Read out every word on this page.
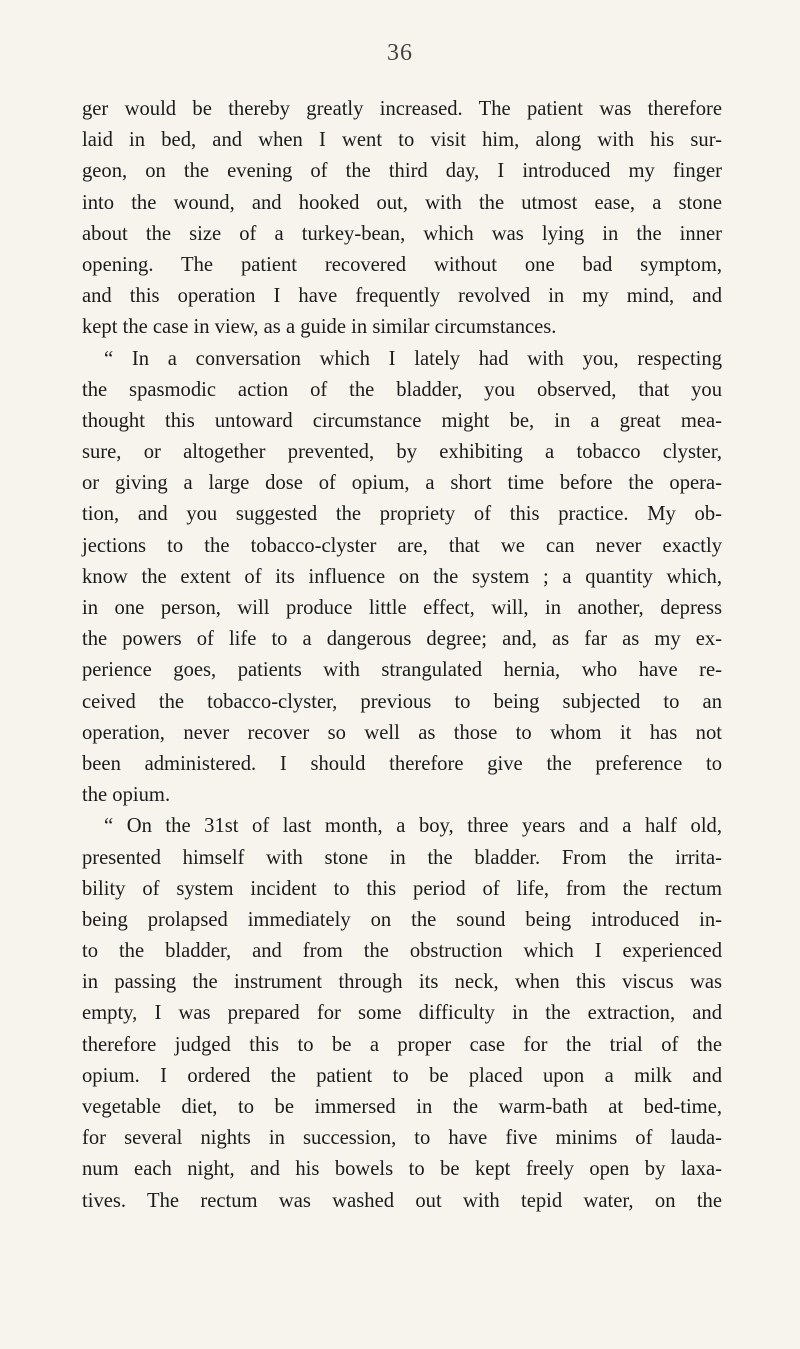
36
ger would be thereby greatly increased. The patient was therefore
laid in bed, and when I went to visit him, along with his sur-
geon, on the evening of the third day, I introduced my finger
into the wound, and hooked out, with the utmost ease, a stone
about the size of a turkey-bean, which was lying in the inner
opening. The patient recovered without one bad symptom,
and this operation I have frequently revolved in my mind, and
kept the case in view, as a guide in similar circumstances.
“ In a conversation which I lately had with you, respecting
the spasmodic action of the bladder, you observed, that you
thought this untoward circumstance might be, in a great mea-
sure, or altogether prevented, by exhibiting a tobacco clyster,
or giving a large dose of opium, a short time before the opera-
tion, and you suggested the propriety of this practice. My ob-
jections to the tobacco-clyster are, that we can never exactly
know the extent of its influence on the system ; a quantity which,
in one person, will produce little effect, will, in another, depress
the powers of life to a dangerous degree; and, as far as my ex-
perience goes, patients with strangulated hernia, who have re-
ceived the tobacco-clyster, previous to being subjected to an
operation, never recover so well as those to whom it has not
been administered. I should therefore give the preference to
the opium.
“ On the 31st of last month, a boy, three years and a half old,
presented himself with stone in the bladder. From the irrita-
bility of system incident to this period of life, from the rectum
being prolapsed immediately on the sound being introduced in-
to the bladder, and from the obstruction which I experienced
in passing the instrument through its neck, when this viscus was
empty, I was prepared for some difficulty in the extraction, and
therefore judged this to be a proper case for the trial of the
opium. I ordered the patient to be placed upon a milk and
vegetable diet, to be immersed in the warm-bath at bed-time,
for several nights in succession, to have five minims of lauda-
num each night, and his bowels to be kept freely open by laxa-
tives. The rectum was washed out with tepid water, on the
